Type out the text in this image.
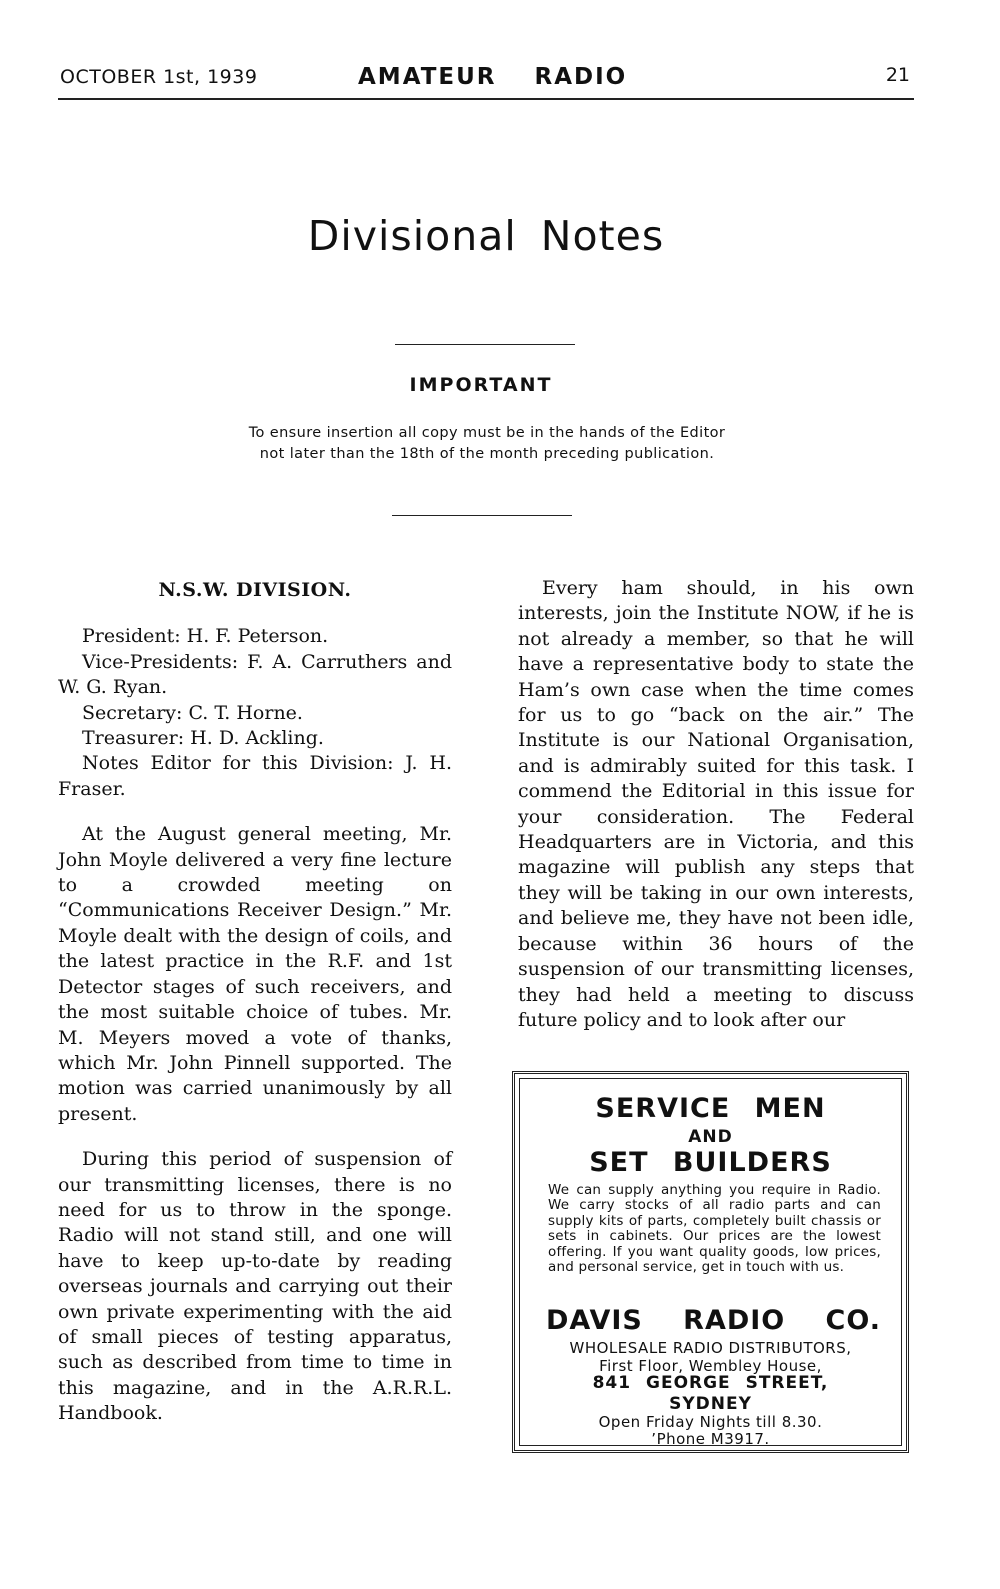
OCTOBER 1st, 1939	AMATEUR RADIO	21
Divisional Notes
IMPORTANT
To ensure insertion all copy must be in the hands of the Editor
not later than the 18th of the month preceding publication.

N.S.W. DIVISION.

President: H. F. Peterson.

Vice-Presidents: F. A. Carruthers and W. G. Ryan.

Secretary: C. T. Horne.

Treasurer: H. D. Ackling.

Notes Editor for this Division: J. H. Fraser.

At the August general meeting, Mr. John Moyle delivered a very fine lecture to a crowded meeting on “Communications Receiver Design.” Mr. Moyle dealt with the design of coils, and the latest practice in the R.F. and 1st Detector stages of such receivers, and the most suitable choice of tubes. Mr. M. Meyers moved a vote of thanks, which Mr. John Pinnell supported. The motion was carried unanimously by all present.

During this period of suspension of our transmitting licenses, there is no need for us to throw in the sponge. Radio will not stand still, and one will have to keep up-to-date by reading overseas journals and carrying out their own private experimenting with the aid of small pieces of testing apparatus, such as described from time to time in this magazine, and in the A.R.R.L. Handbook.

Every ham should, in his own interests, join the Institute NOW, if he is not already a member, so that he will have a representative body to state the Ham’s own case when the time comes for us to go “back on the air.” The Institute is our National Organisation, and is admirably suited for this task. I commend the Editorial in this issue for your consideration. The Federal Headquarters are in Victoria, and this magazine will publish any steps that they will be taking in our own interests, and believe me, they have not been idle, because within 36 hours of the suspension of our transmitting licenses, they had held a meeting to discuss future policy and to look after our

SERVICE MEN
AND
SET BUILDERS
We can supply anything you require in Radio. We carry stocks of all radio parts and can supply kits of parts, completely built chassis or sets in cabinets. Our prices are the lowest offering. If you want quality goods, low prices, and personal service, get in touch with us.
DAVIS RADIO CO.
WHOLESALE RADIO DISTRIBUTORS,
First Floor, Wembley House,
841 GEORGE STREET,
SYDNEY
Open Friday Nights till 8.30.
’Phone M3917.
